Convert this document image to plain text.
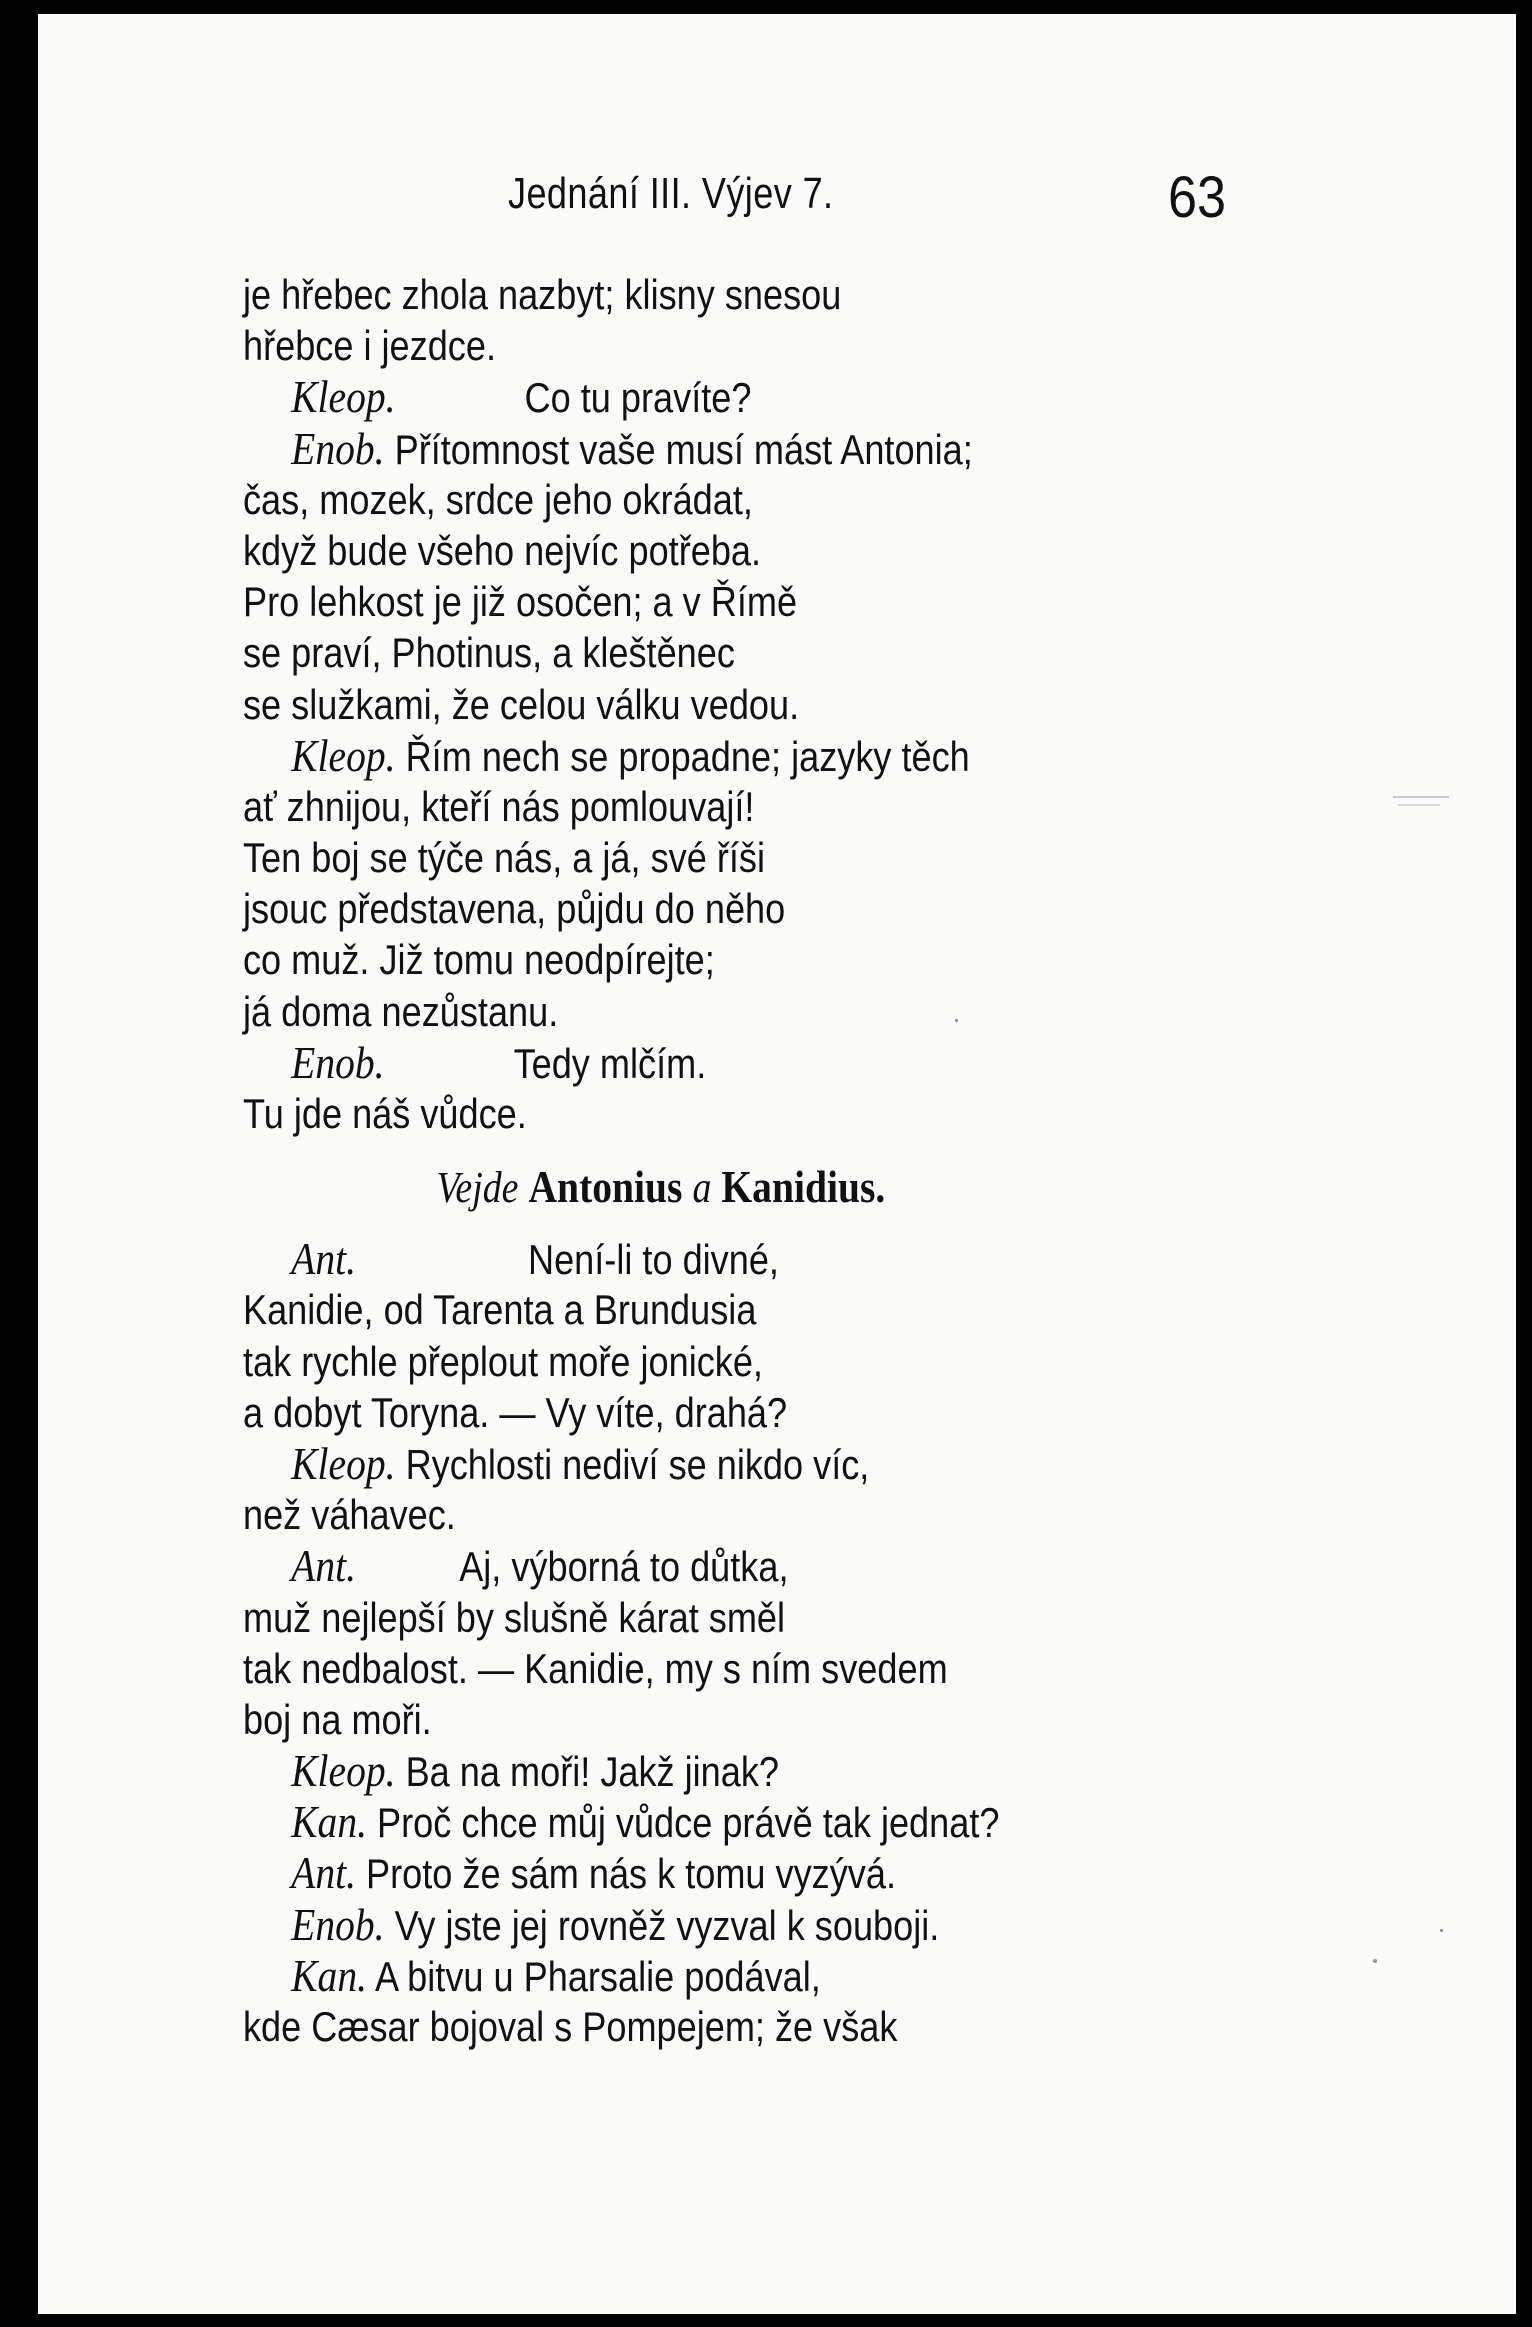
Jednání III. Výjev 7.	63
je hřebec zhola nazbyt; klisny snesou
hřebce i jezdce.
Kleop.	Co tu pravíte?
Enob. Přítomnost vaše musí mást Antonia;
čas, mozek, srdce jeho okrádat,
když bude všeho nejvíc potřeba.
Pro lehkost je již osočen; a v Římě
se praví, Photinus, a kleštěnec
se služkami, že celou válku vedou.
Kleop. Řím nech se propadne; jazyky těch
ať zhnijou, kteří nás pomlouvají!
Ten boj se týče nás, a já, své říši
jsouc představena, půjdu do něho
co muž. Již tomu neodpírejte;
já doma nezůstanu.
Enob.	Tedy mlčím.
Tu jde náš vůdce.
Vejde Antonius a Kanidius.
Ant.	Není-li to divné,
Kanidie, od Tarenta a Brundusia
tak rychle přeplout moře jonické,
a dobyt Toryna. — Vy víte, drahá?
Kleop. Rychlosti nediví se nikdo víc,
než váhavec.
Ant. Aj, výborná to důtka,
muž nejlepší by slušně kárat směl
tak nedbalost. — Kanidie, my s ním svedem
boj na moři.
Kleop. Ba na moři! Jakž jinak?
Kan. Proč chce můj vůdce právě tak jednat?
Ant. Proto že sám nás k tomu vyzývá.
Enob. Vy jste jej rovněž vyzval k souboji.
Kan. A bitvu u Pharsalie podával,
kde Cæsar bojoval s Pompejem; že však
